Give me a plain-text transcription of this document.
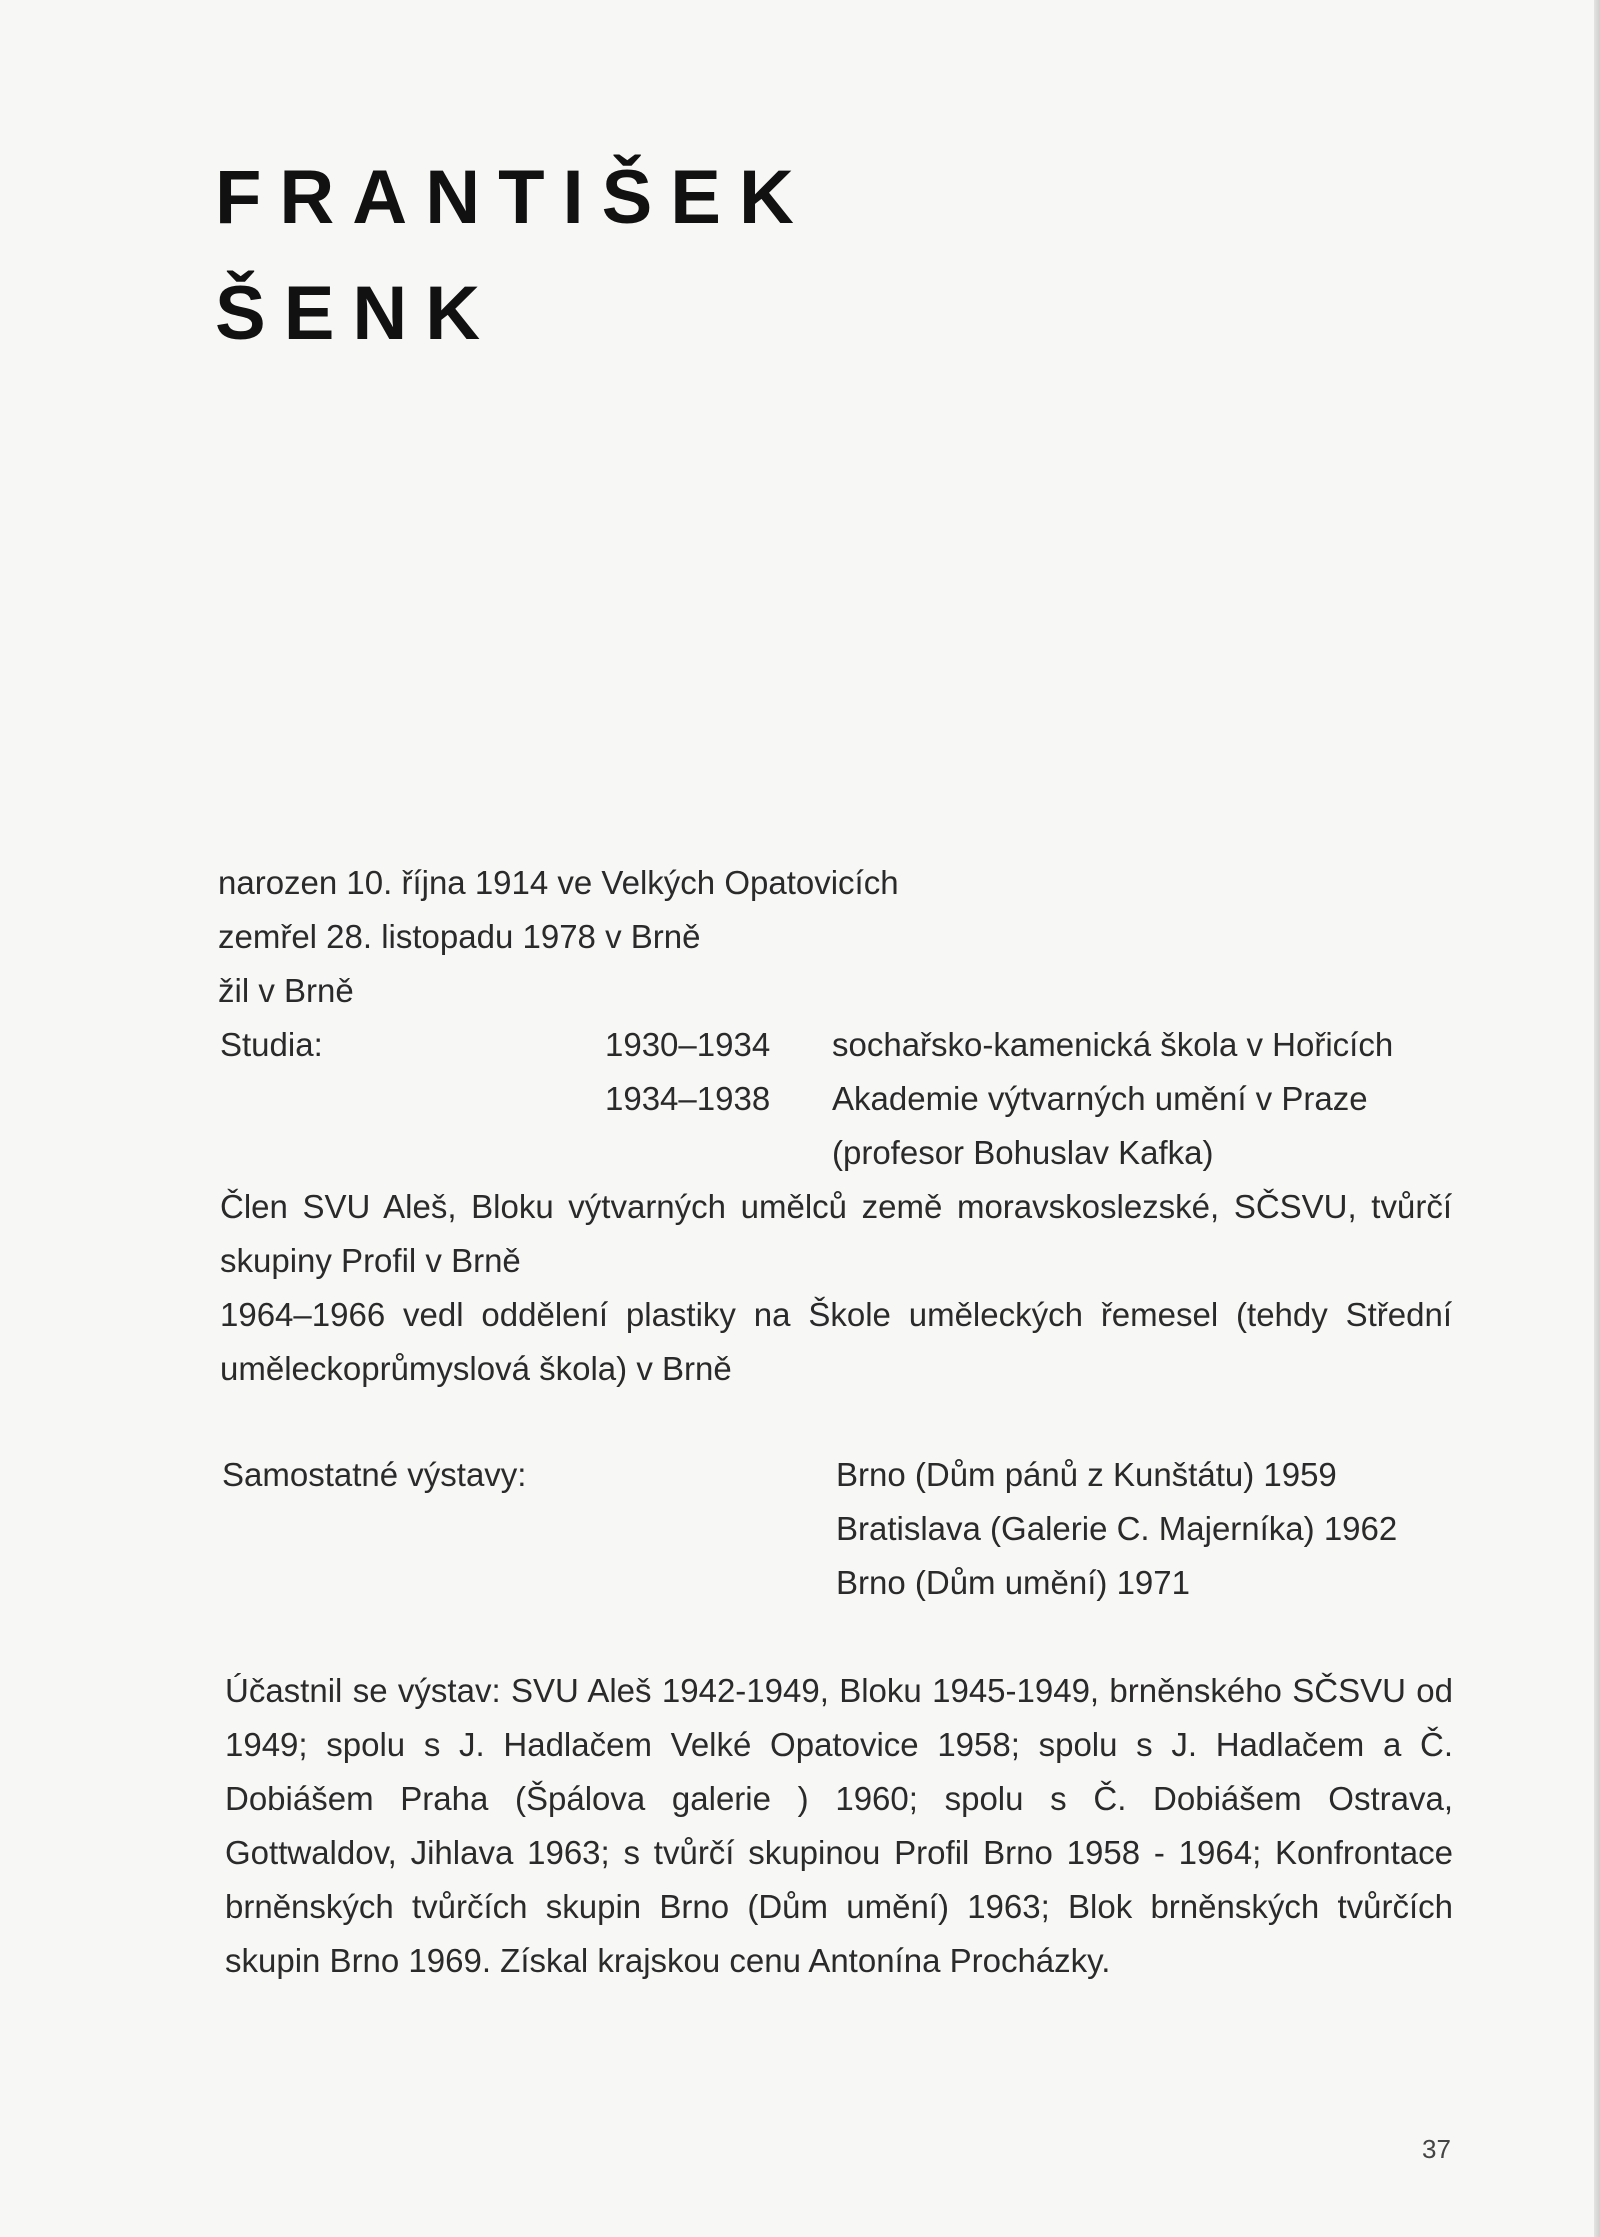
FRANTIŠEK
ŠENK
narozen 10. října 1914 ve Velkých Opatovicích
zemřel 28. listopadu 1978 v Brně
žil v Brně
Studia:	1930–1934 sochařsko-kamenická škola v Hořicích
1934–1938 Akademie výtvarných umění v Praze
(profesor Bohuslav Kafka)
Člen SVU Aleš, Bloku výtvarných umělců země moravskoslezské, SČSVU, tvůrčí skupiny Profil v Brně
1964–1966 vedl oddělení plastiky na Škole uměleckých řemesel (tehdy Střední uměleckoprůmyslová škola) v Brně
Samostatné výstavy:	Brno (Dům pánů z Kunštátu) 1959
Bratislava (Galerie C. Majerníka) 1962
Brno (Dům umění) 1971
Účastnil se výstav: SVU Aleš 1942-1949, Bloku 1945-1949, brněnského SČSVU od 1949; spolu s J. Hadlačem Velké Opatovice 1958; spolu s J. Hadlačem a Č. Dobiášem Praha (Špálova galerie ) 1960; spolu s Č. Dobiášem Ostrava, Gottwaldov, Jihlava 1963; s tvůrčí skupinou Profil Brno 1958 - 1964; Konfrontace brněnských tvůrčích skupin Brno (Dům umění) 1963; Blok brněnských tvůrčích skupin Brno 1969. Získal krajskou cenu Antonína Procházky.
37
